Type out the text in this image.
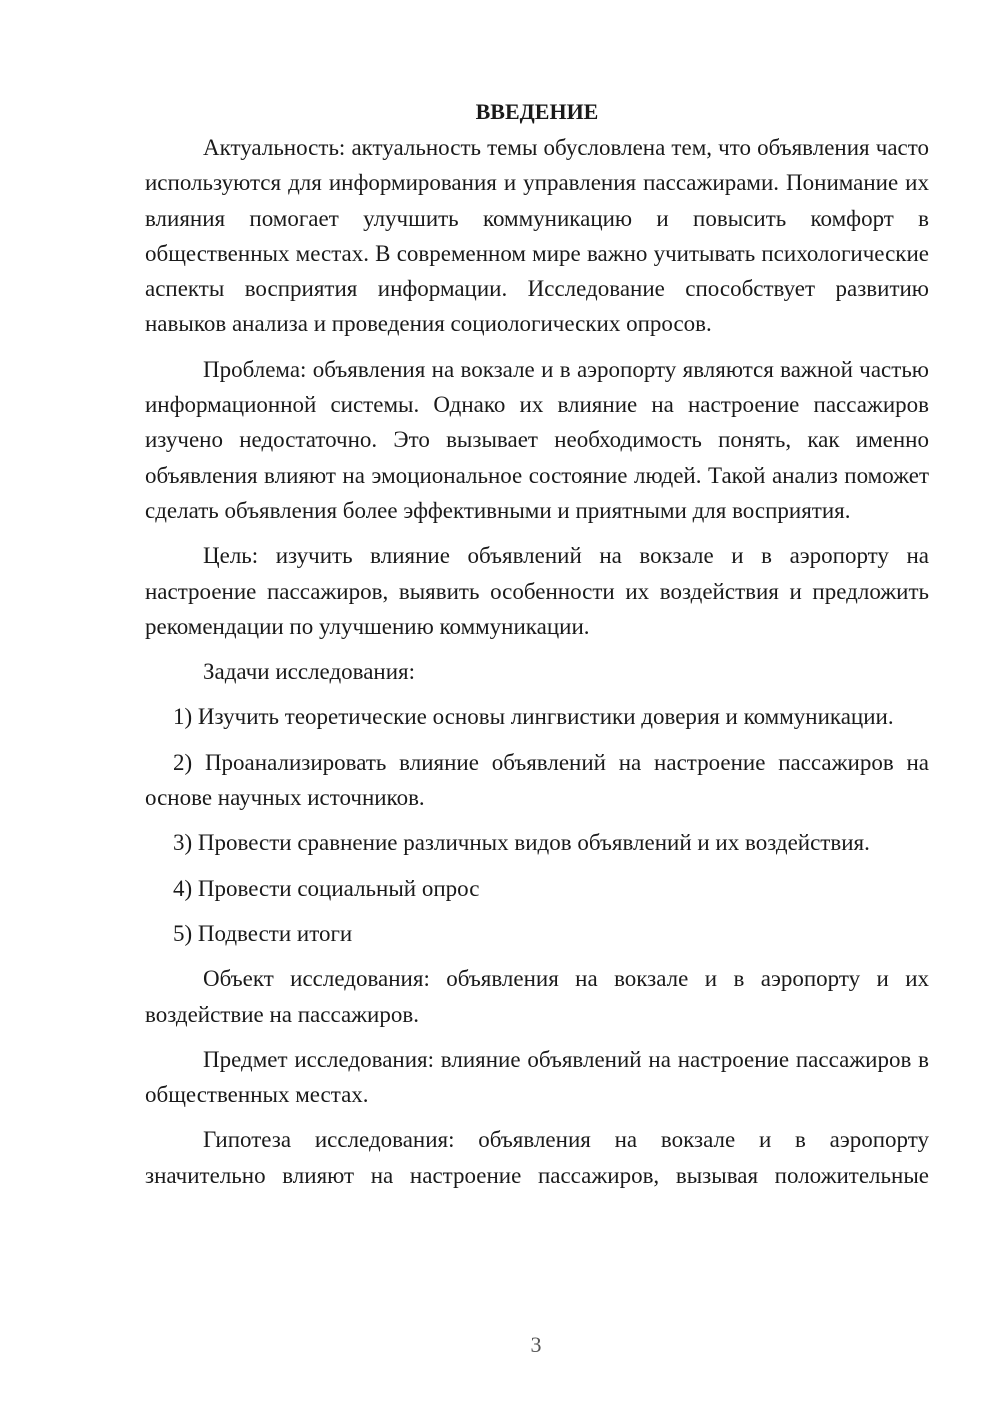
ВВЕДЕНИЕ

Актуальность: актуальность темы обусловлена тем, что объявления часто используются для информирования и управления пассажирами. Понимание их влияния помогает улучшить коммуникацию и повысить комфорт в общественных местах. В современном мире важно учитывать психологические аспекты восприятия информации. Исследование способствует развитию навыков анализа и проведения социологических опросов.

Проблема: объявления на вокзале и в аэропорту являются важной частью информационной системы. Однако их влияние на настроение пассажиров изучено недостаточно. Это вызывает необходимость понять, как именно объявления влияют на эмоциональное состояние людей. Такой анализ поможет сделать объявления более эффективными и приятными для восприятия.

Цель: изучить влияние объявлений на вокзале и в аэропорту на настроение пассажиров, выявить особенности их воздействия и предложить рекомендации по улучшению коммуникации.

Задачи исследования:

1) Изучить теоретические основы лингвистики доверия и коммуникации.

2) Проанализировать влияние объявлений на настроение пассажиров на основе научных источников.

3) Провести сравнение различных видов объявлений и их воздействия.

4) Провести социальный опрос

5) Подвести итоги

Объект исследования: объявления на вокзале и в аэропорту и их воздействие на пассажиров.

Предмет исследования: влияние объявлений на настроение пассажиров в общественных местах.

Гипотеза исследования: объявления на вокзале и в аэропорту значительно влияют на настроение пассажиров, вызывая положительные

3
